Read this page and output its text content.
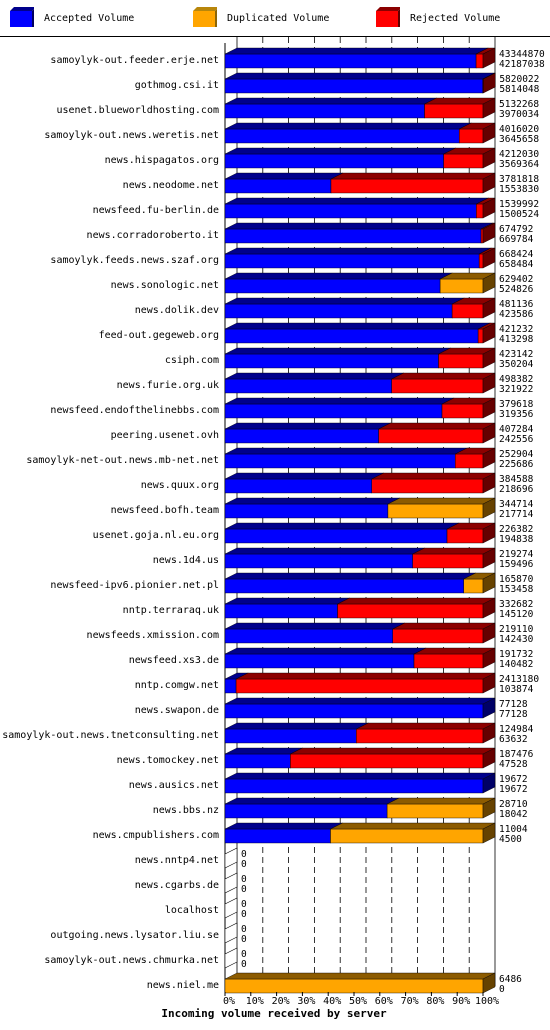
Accepted Volume	Duplicated Volume	Rejected Volume
samoylyk-out.feeder.erje.net
43344870
42187038
gothmog.csi.it
5820022
5814048
usenet.blueworldhosting.com
5132268
3970034
samoylyk-out.news.weretis.net
4016020
3645658
news.hispagatos.org
4212030
3569364
news.neodome.net
3781818
1553830
newsfeed.fu-berlin.de
1539992
1500524
news.corradoroberto.it
674792
669784
samoylyk.feeds.news.szaf.org
668424
658484
news.sonologic.net
629402
524826
news.dolik.dev
481136
423586
feed-out.gegeweb.org
421232
413298
csiph.com
423142
350204
news.furie.org.uk
498382
321922
newsfeed.endofthelinebbs.com
379618
319356
peering.usenet.ovh
407284
242556
samoylyk-net-out.news.mb-net.net
252904
225686
news.quux.org
384588
218696
newsfeed.bofh.team
344714
217714
usenet.goja.nl.eu.org
226382
194838
news.1d4.us
219274
159496
newsfeed-ipv6.pionier.net.pl
165870
153458
nntp.terraraq.uk
332682
145120
newsfeeds.xmission.com
219110
142430
newsfeed.xs3.de
191732
140482
nntp.comgw.net
2413180
103874
news.swapon.de
77128
77128
samoylyk-out.news.tnetconsulting.net
124984
63632
news.tomockey.net
187476
47528
news.ausics.net
19672
19672
news.bbs.nz
28710
18042
news.cmpublishers.com
11004
4500
news.nntp4.net
0
0
news.cgarbs.de
0
0
localhost
0
0
outgoing.news.lysator.liu.se
0
0
samoylyk-out.news.chmurka.net
0
0
news.niel.me
6486
0
0% 10% 20% 30% 40% 50% 60% 70% 80% 90% 100%
Incoming volume received by server
